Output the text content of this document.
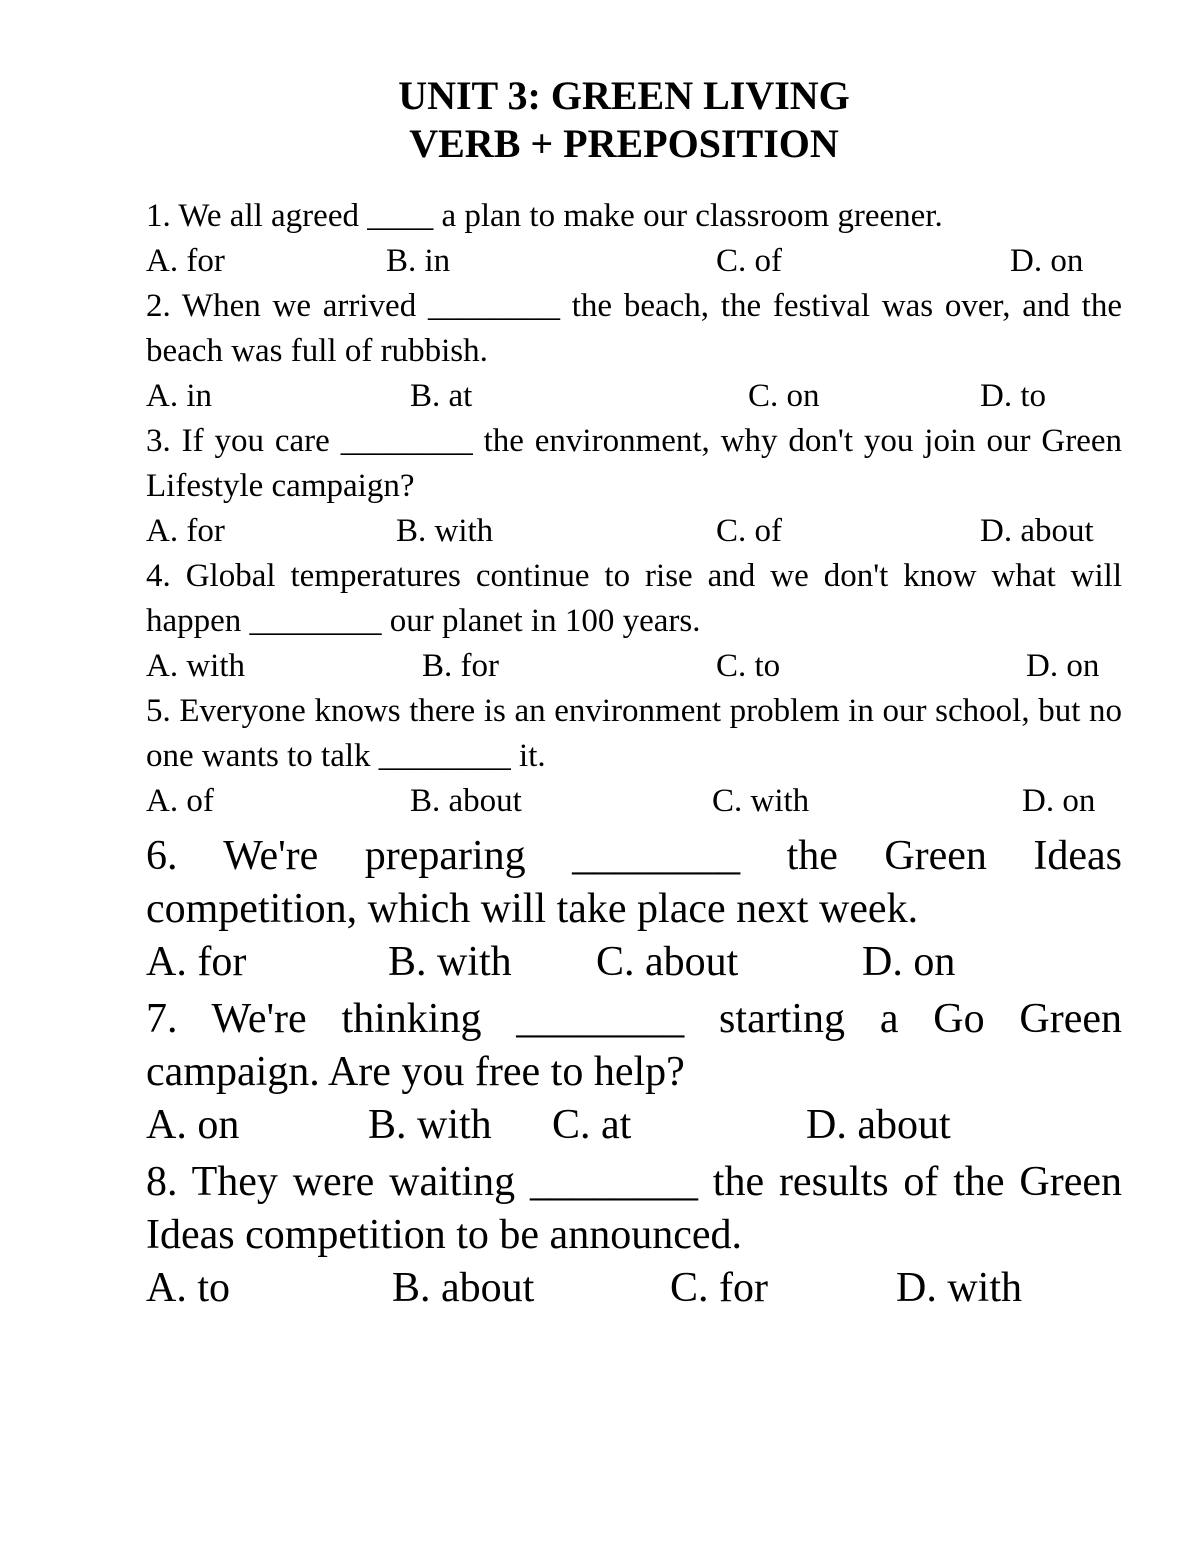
UNIT 3: GREEN LIVING
VERB + PREPOSITION
1. We all agreed ____ a plan to make our classroom greener.
A. for	B. in	C. of	D. on
2. When we arrived ________ the beach, the festival was over, and the beach was full of rubbish.
A. in	B. at	C. on	D. to
3. If you care ________ the environment, why don't you join our Green Lifestyle campaign?
A. for	B. with	C. of	D. about
4. Global temperatures continue to rise and we don't know what will happen ________ our planet in 100 years.
A. with	B. for	C. to	D. on
5. Everyone knows there is an environment problem in our school, but no one wants to talk ________ it.
A. of	B. about	C. with	D. on
6. We're preparing ________ the Green Ideas competition, which will take place next week.
A. for	B. with C. about	D. on
7. We're thinking ________ starting a Go Green campaign. Are you free to help?
A. on	B. with C. at	D. about
8. They were waiting ________ the results of the Green Ideas competition to be announced.
A. to	B. about	C. for	D. with
